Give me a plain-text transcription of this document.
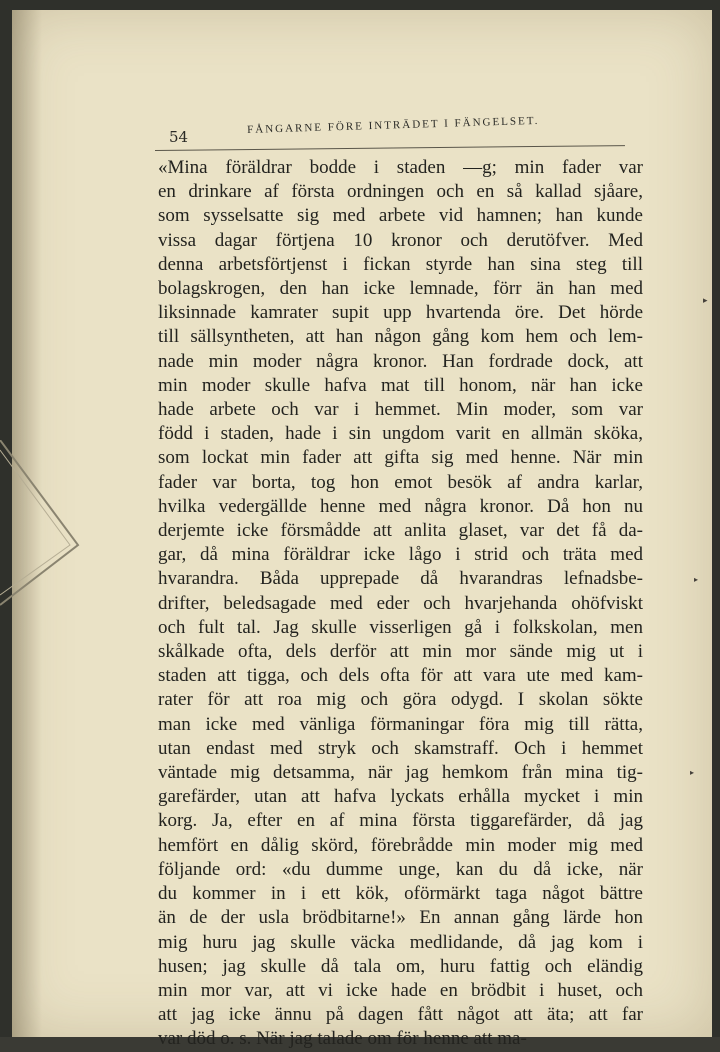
54
FÅNGARNE FÖRE INTRÄDET I FÄNGELSET.
«Mina föräldrar bodde i staden —g; min fader var
en drinkare af första ordningen och en så kallad sjåare,
som sysselsatte sig med arbete vid hamnen; han kunde
vissa dagar förtjena 10 kronor och derutöfver. Med
denna arbetsförtjenst i fickan styrde han sina steg till
bolagskrogen, den han icke lemnade, förr än han med
liksinnade kamrater supit upp hvartenda öre. Det hörde
till sällsyntheten, att han någon gång kom hem och lem-
nade min moder några kronor. Han fordrade dock, att
min moder skulle hafva mat till honom, när han icke
hade arbete och var i hemmet. Min moder, som var
född i staden, hade i sin ungdom varit en allmän sköka,
som lockat min fader att gifta sig med henne. När min
fader var borta, tog hon emot besök af andra karlar,
hvilka vedergällde henne med några kronor. Då hon nu
derjemte icke försmådde att anlita glaset, var det få da-
gar, då mina föräldrar icke lågo i strid och träta med
hvarandra. Båda upprepade då hvarandras lefnadsbe-
drifter, beledsagade med eder och hvarjehanda ohöfviskt
och fult tal. Jag skulle visserligen gå i folkskolan, men
skålkade ofta, dels derför att min mor sände mig ut i
staden att tigga, och dels ofta för att vara ute med kam-
rater för att roa mig och göra odygd. I skolan sökte
man icke med vänliga förmaningar föra mig till rätta,
utan endast med stryk och skamstraff. Och i hemmet
väntade mig detsamma, när jag hemkom från mina tig-
garefärder, utan att hafva lyckats erhålla mycket i min
korg. Ja, efter en af mina första tiggarefärder, då jag
hemfört en dålig skörd, förebrådde min moder mig med
följande ord: «du dumme unge, kan du då icke, när
du kommer in i ett kök, oförmärkt taga något bättre
än de der usla brödbitarne!» En annan gång lärde hon
mig huru jag skulle väcka medlidande, då jag kom i
husen; jag skulle då tala om, huru fattig och eländig
min mor var, att vi icke hade en brödbit i huset, och
att jag icke ännu på dagen fått något att äta; att far
var död o. s. När jag talade om för henne att ma-
▸
▸
▸
